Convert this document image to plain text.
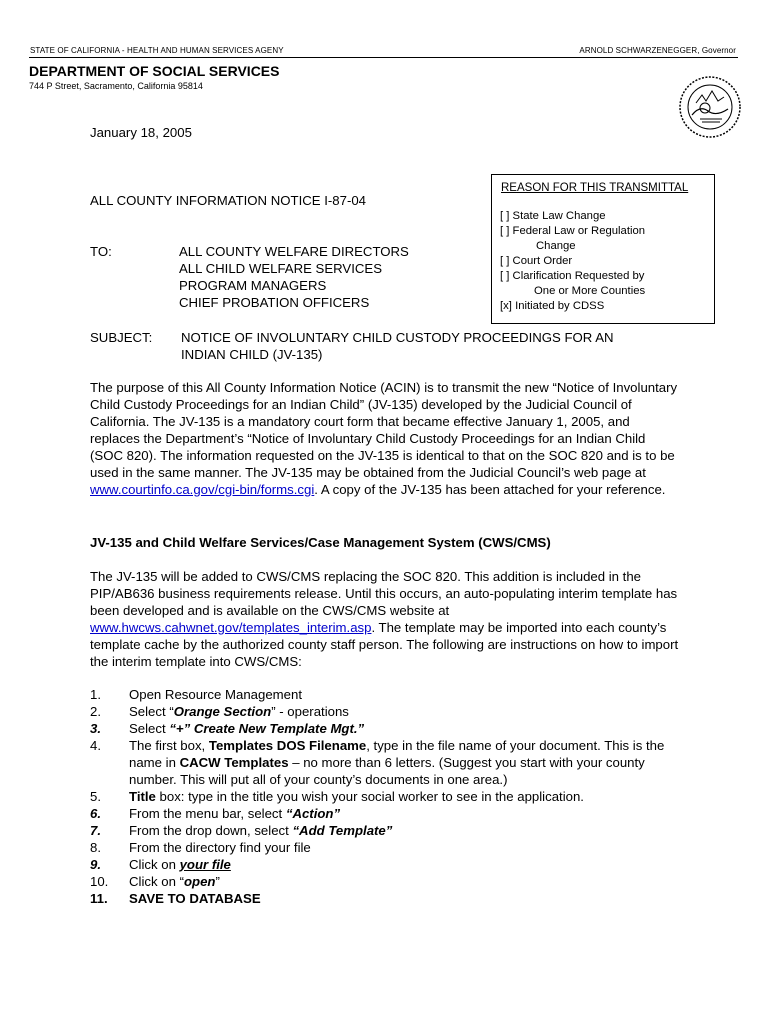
STATE OF CALIFORNIA - HEALTH AND HUMAN SERVICES AGENY	ARNOLD SCHWARZENEGGER, Governor
DEPARTMENT OF SOCIAL SERVICES
744 P Street, Sacramento, California 95814
January 18, 2005
ALL COUNTY INFORMATION NOTICE I-87-04
REASON FOR THIS TRANSMITTAL
[ ] State Law Change
[ ] Federal Law or Regulation
Change
[ ] Court Order
[ ] Clarification Requested by
One or More Counties
[x] Initiated by CDSS
TO:	ALL COUNTY WELFARE DIRECTORS
ALL CHILD WELFARE SERVICES
PROGRAM MANAGERS
CHIEF PROBATION OFFICERS
SUBJECT: NOTICE OF INVOLUNTARY CHILD CUSTODY PROCEEDINGS FOR AN
INDIAN CHILD (JV-135)
The purpose of this All County Information Notice (ACIN) is to transmit the new “Notice of Involuntary Child Custody Proceedings for an Indian Child” (JV-135) developed by the Judicial Council of California. The JV-135 is a mandatory court form that became effective January 1, 2005, and replaces the Department’s “Notice of Involuntary Child Custody Proceedings for an Indian Child (SOC 820). The information requested on the JV-135 is identical to that on the SOC 820 and is to be used in the same manner. The JV-135 may be obtained from the Judicial Council’s web page at www.courtinfo.ca.gov/cgi-bin/forms.cgi. A copy of the JV-135 has been attached for your reference.
JV-135 and Child Welfare Services/Case Management System (CWS/CMS)
The JV-135 will be added to CWS/CMS replacing the SOC 820. This addition is included in the PIP/AB636 business requirements release. Until this occurs, an auto-populating interim template has been developed and is available on the CWS/CMS website at www.hwcws.cahwnet.gov/templates_interim.asp. The template may be imported into each county’s template cache by the authorized county staff person. The following are instructions on how to import the interim template into CWS/CMS:
1.	Open Resource Management
2.	Select “Orange Section” - operations
3.	Select “+” Create New Template Mgt.”
4.	The first box, Templates DOS Filename, type in the file name of your document. This is the name in CACW Templates – no more than 6 letters. (Suggest you start with your county number. This will put all of your county’s documents in one area.)
5.	Title box: type in the title you wish your social worker to see in the application.
6.	From the menu bar, select “Action”
7.	From the drop down, select “Add Template”
8.	From the directory find your file
9.	Click on your file
10.	Click on “open”
11.	SAVE TO DATABASE
